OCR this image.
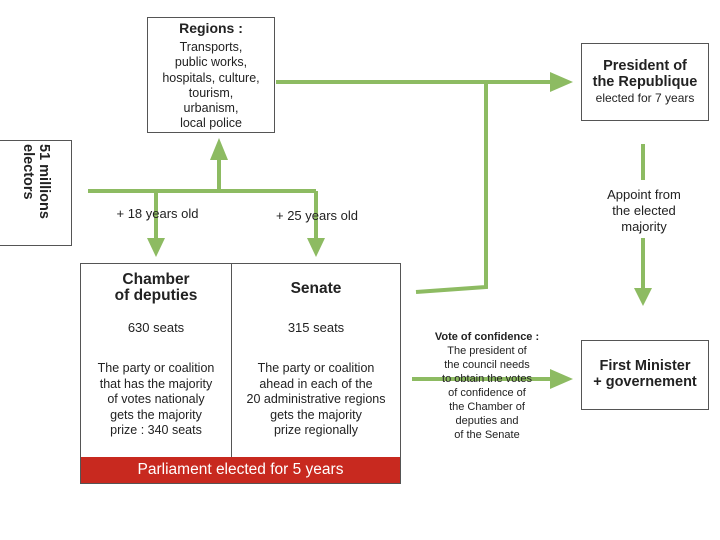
Regions :
Transports,
public works,
hospitals, culture,
tourism,
urbanism,
local police
51 millions
electors
+ 18 years old	+ 25 years old
President of
the Republique
elected for 7 years
Appoint from
the elected
majority
Chamber
of deputies
630 seats
The party or coalition
that has the majority
of votes nationaly
gets the majority
prize : 340 seats
Senate
315 seats
The party or coalition
ahead in each of the
20 administrative regions
gets the majority
prize regionally
Parliament elected for 5 years
Vote of confidence :
The president of
the council needs
to obtain the votes
of confidence of
the Chamber of
deputies and
of the Senate
First Minister
+ governement
